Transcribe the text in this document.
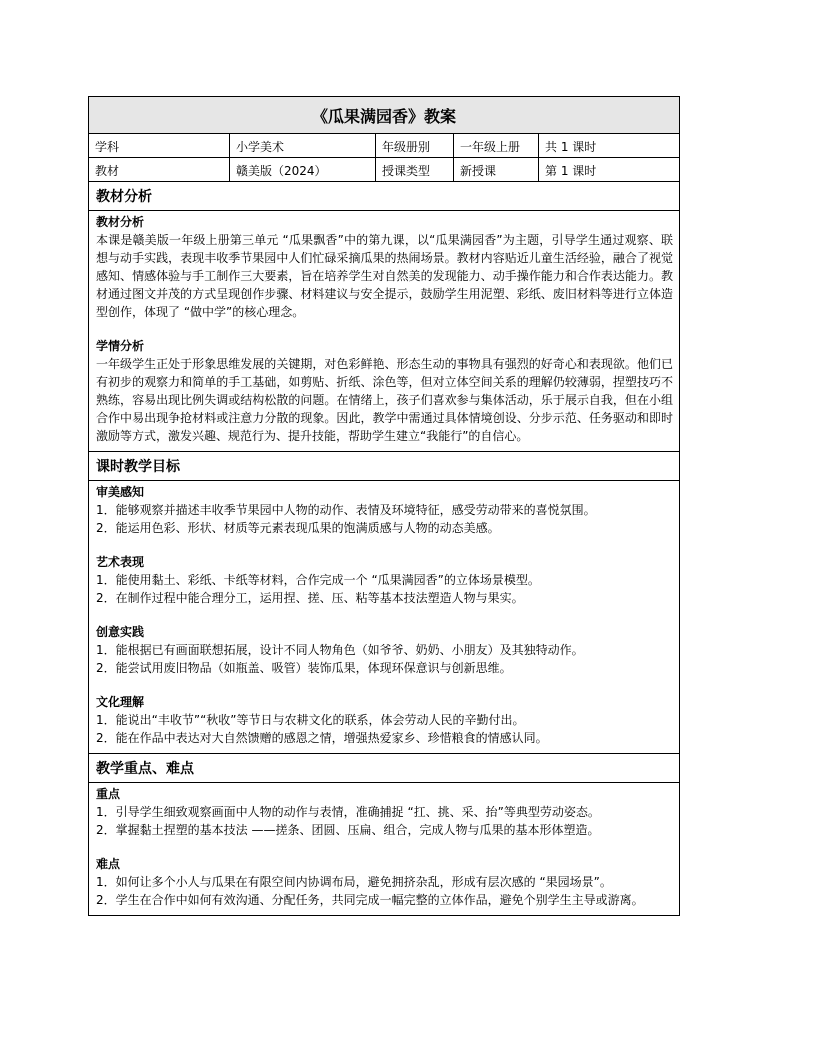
《瓜果满园香》教案
学科	小学美术	年级册别	一年级上册	共 1 课时
教材	赣美版（2024）	授课类型	新授课	第 1 课时
教材分析
教材分析
本课是赣美版一年级上册第三单元 “瓜果飘香”中的第九课，以“瓜果满园香”为主题，引导学生通过观察、联想与动手实践，表现丰收季节果园中人们忙碌采摘瓜果的热闹场景。教材内容贴近儿童生活经验，融合了视觉感知、情感体验与手工制作三大要素，旨在培养学生对自然美的发现能力、动手操作能力和合作表达能力。教材通过图文并茂的方式呈现创作步骤、材料建议与安全提示，鼓励学生用泥塑、彩纸、废旧材料等进行立体造型创作，体现了 “做中学”的核心理念。
学情分析
一年级学生正处于形象思维发展的关键期，对色彩鲜艳、形态生动的事物具有强烈的好奇心和表现欲。他们已有初步的观察力和简单的手工基础，如剪贴、折纸、涂色等，但对立体空间关系的理解仍较薄弱，捏塑技巧不熟练，容易出现比例失调或结构松散的问题。在情绪上，孩子们喜欢参与集体活动，乐于展示自我，但在小组合作中易出现争抢材料或注意力分散的现象。因此，教学中需通过具体情境创设、分步示范、任务驱动和即时激励等方式，激发兴趣、规范行为、提升技能，帮助学生建立“我能行”的自信心。
课时教学目标
审美感知
1．能够观察并描述丰收季节果园中人物的动作、表情及环境特征，感受劳动带来的喜悦氛围。
2．能运用色彩、形状、材质等元素表现瓜果的饱满质感与人物的动态美感。
艺术表现
1．能使用黏土、彩纸、卡纸等材料，合作完成一个 “瓜果满园香”的立体场景模型。
2．在制作过程中能合理分工，运用捏、搓、压、粘等基本技法塑造人物与果实。
创意实践
1．能根据已有画面联想拓展，设计不同人物角色（如爷爷、奶奶、小朋友）及其独特动作。
2．能尝试用废旧物品（如瓶盖、吸管）装饰瓜果，体现环保意识与创新思维。
文化理解
1．能说出“丰收节”“秋收”等节日与农耕文化的联系，体会劳动人民的辛勤付出。
2．能在作品中表达对大自然馈赠的感恩之情，增强热爱家乡、珍惜粮食的情感认同。
教学重点、难点
重点
1．引导学生细致观察画面中人物的动作与表情，准确捕捉 “扛、挑、采、抬”等典型劳动姿态。
2．掌握黏土捏塑的基本技法 ——搓条、团圆、压扁、组合，完成人物与瓜果的基本形体塑造。
难点
1．如何让多个小人与瓜果在有限空间内协调布局，避免拥挤杂乱，形成有层次感的 “果园场景”。
2．学生在合作中如何有效沟通、分配任务，共同完成一幅完整的立体作品，避免个别学生主导或游离。
